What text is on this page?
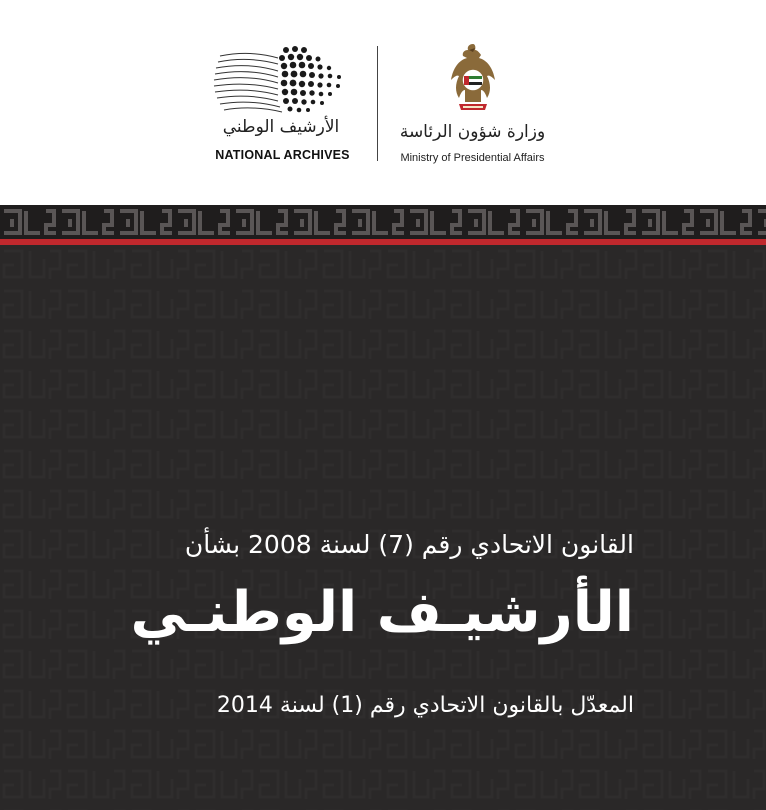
الأرشيف الوطني
NATIONAL ARCHIVES
وزارة شؤون الرئاسة
Ministry of Presidential Affairs
القانون الاتحادي رقم (7) لسنة 2008 بشأن
الأرشيـف الوطنـي
المعدّل بالقانون الاتحادي رقم (1) لسنة 2014
